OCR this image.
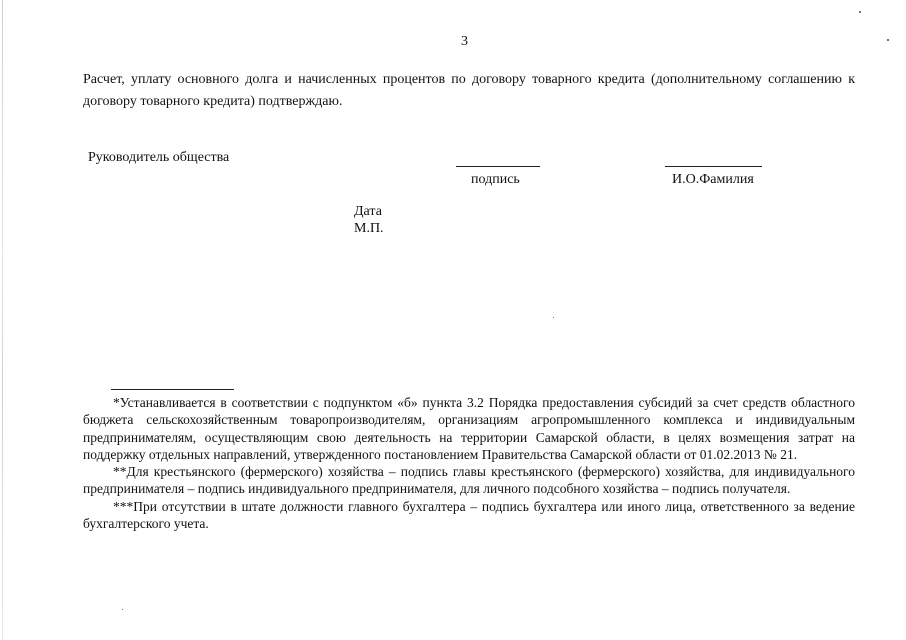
3

Расчет, уплату основного долга и начисленных процентов по договору товарного кредита (дополнительному соглашению к договору товарного кредита) подтверждаю.

Руководитель общества
подпись	И.О.Фамилия
Дата
М.П.

*Устанавливается в соответствии с подпунктом «б» пункта 3.2 Порядка предоставления субсидий за счет средств областного бюджета сельскохозяйственным товаропроизводителям, организациям агропромышленного комплекса и индивидуальным предпринимателям, осуществляющим свою деятельность на территории Самарской области, в целях возмещения затрат на поддержку отдельных направлений, утвержденного постановлением Правительства Самарской области от 01.02.2013 № 21.

**Для крестьянского (фермерского) хозяйства – подпись главы крестьянского (фермерского) хозяйства, для индивидуального предпринимателя – подпись индивидуального предпринимателя, для личного подсобного хозяйства – подпись получателя.

***При отсутствии в штате должности главного бухгалтера – подпись бухгалтера или иного лица, ответственного за ведение бухгалтерского учета.
